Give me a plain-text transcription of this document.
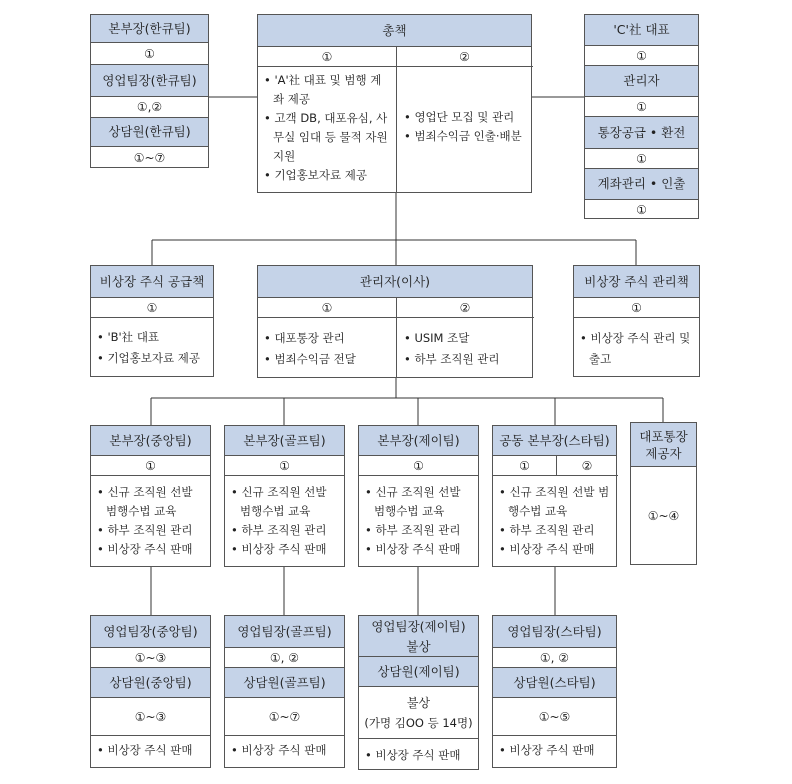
본부장(한큐팀)
①
영업팀장(한큐팀)
①,②
상담원(한큐팀)
①~⑦
총책
①	②
• 'A'社 대표 및 범행 계좌 제공
• 고객 DB, 대포유심, 사무실 임대 등 물적 자원 지원
• 기업홍보자료 제공
• 영업단 모집 및 관리
• 범죄수익금 인출·배분
'C'社 대표
①
관리자
①
통장공급 • 환전
①
계좌관리 • 인출
①
비상장 주식 공급책
①
• 'B'社 대표
• 기업홍보자료 제공
관리자(이사)
①	②
• 대포통장 관리
• 범죄수익금 전달
• USIM 조달
• 하부 조직원 관리
비상장 주식 관리책
①
• 비상장 주식 관리 및 출고
본부장(중앙팀)
①
• 신규 조직원 선발 범행수법 교육
• 하부 조직원 관리
• 비상장 주식 판매
본부장(골프팀)
①
• 신규 조직원 선발 범행수법 교육
• 하부 조직원 관리
• 비상장 주식 판매
본부장(제이팀)
①
• 신규 조직원 선발 범행수법 교육
• 하부 조직원 관리
• 비상장 주식 판매
공동 본부장(스타팀)
①	②
• 신규 조직원 선발 범행수법 교육
• 하부 조직원 관리
• 비상장 주식 판매
대포통장 제공자
①~④
영업팀장(중앙팀)
①~③
상담원(중앙팀)
①~③
• 비상장 주식 판매
영업팀장(골프팀)
①, ②
상담원(골프팀)
①~⑦
• 비상장 주식 판매
영업팀장(제이팀)
불상
상담원(제이팀)
불상
(가명 김OO 등 14명)
• 비상장 주식 판매
영업팀장(스타팀)
①, ②
상담원(스타팀)
①~⑤
• 비상장 주식 판매
